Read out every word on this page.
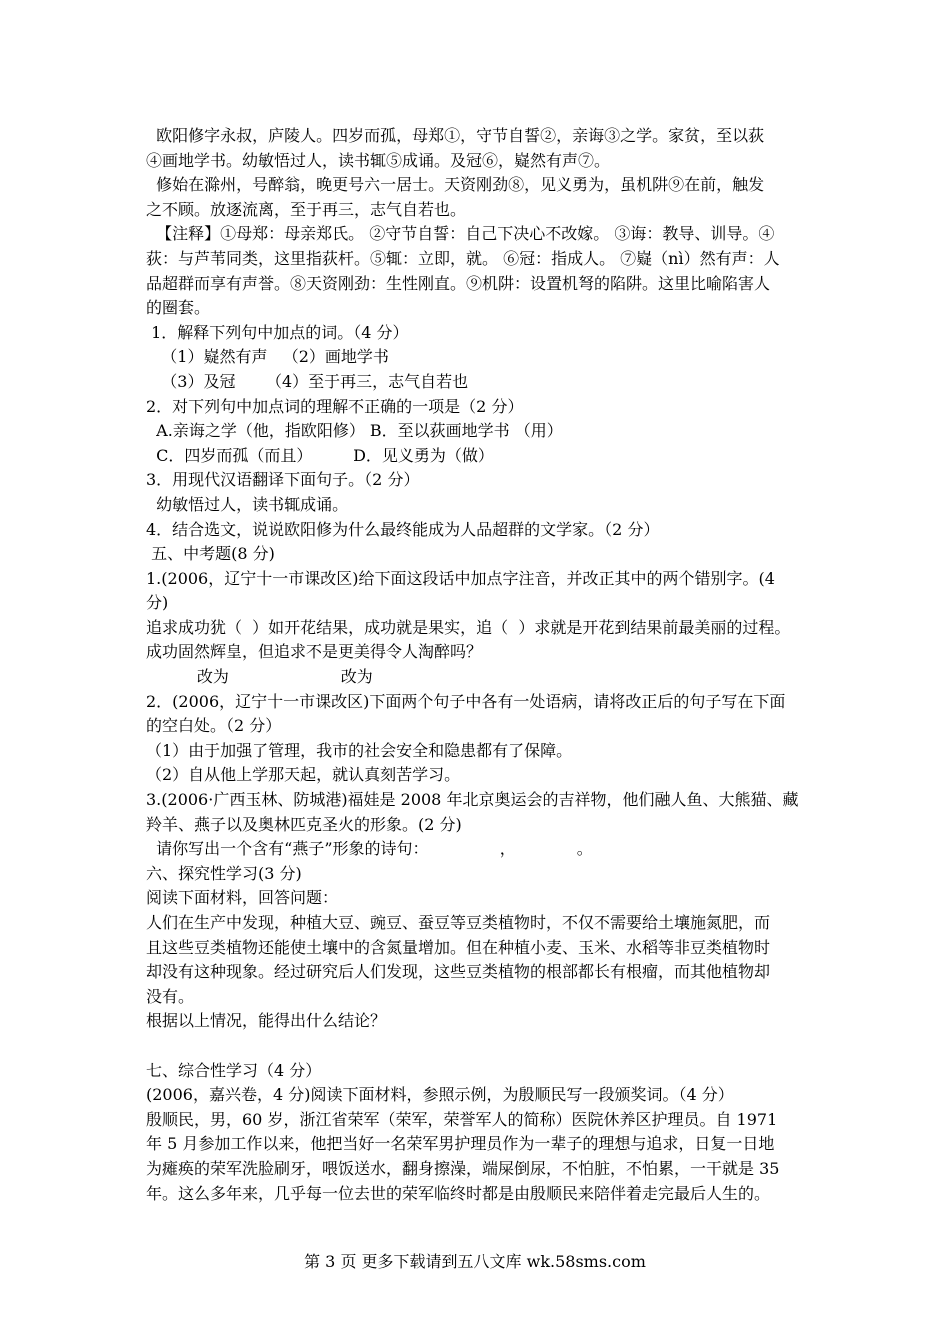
欧阳修字永叔，庐陵人。四岁而孤，母郑①，守节自誓②，亲诲③之学。家贫，至以荻
④画地学书。幼敏悟过人，读书辄⑤成诵。及冠⑥，嶷然有声⑦。
修始在滁州，号醉翁，晚更号六一居士。天资刚劲⑧，见义勇为，虽机阱⑨在前，触发
之不顾。放逐流离，至于再三，志气自若也。
【注释】①母郑：母亲郑氏。 ②守节自誓：自己下决心不改嫁。 ③诲：教导、训导。④
荻：与芦苇同类，这里指荻杆。⑤辄：立即，就。 ⑥冠：指成人。 ⑦嶷（nì）然有声：人
品超群而享有声誉。⑧天资刚劲：生性刚直。⑨机阱：设置机弩的陷阱。这里比喻陷害人
的圈套。
1．解释下列句中加点的词。（4 分）
（1）嶷然有声   （2）画地学书
（3）及冠      （4）至于再三，志气自若也
2．对下列句中加点词的理解不正确的一项是（2 分）
A.亲诲之学（他，指欧阳修） B．至以荻画地学书 （用）
C．四岁而孤（而且）        D．见义勇为（做）
3．用现代汉语翻译下面句子。（2 分）
幼敏悟过人，读书辄成诵。
4．结合选文，说说欧阳修为什么最终能成为人品超群的文学家。（2 分）
五、中考题(8 分)
1.(2006，辽宁十一市课改区)给下面这段话中加点字注音，并改正其中的两个错别字。(4
分)
追求成功犹（  ）如开花结果，成功就是果实，追（  ）求就是开花到结果前最美丽的过程。
成功固然辉皇，但追求不是更美得令人淘醉吗？
改为                      改为
2．(2006，辽宁十一市课改区)下面两个句子中各有一处语病，请将改正后的句子写在下面
的空白处。（2 分）
（1）由于加强了管理，我市的社会安全和隐患都有了保障。
（2）自从他上学那天起，就认真刻苦学习。
3.(2006·广西玉林、防城港)福娃是 2008 年北京奥运会的吉祥物，他们融人鱼、大熊猫、藏
羚羊、燕子以及奥林匹克圣火的形象。(2 分)
请你写出一个含有“燕子”形象的诗句：              ，            。
六、探究性学习(3 分)
阅读下面材料，回答问题：
人们在生产中发现，种植大豆、豌豆、蚕豆等豆类植物时，不仅不需要给土壤施氮肥，而
且这些豆类植物还能使土壤中的含氮量增加。但在种植小麦、玉米、水稻等非豆类植物时
却没有这种现象。经过研究后人们发现，这些豆类植物的根部都长有根瘤，而其他植物却
没有。
根据以上情况，能得出什么结论？
七、综合性学习（4 分）
(2006，嘉兴卷，4 分)阅读下面材料，参照示例，为殷顺民写一段颁奖词。（4 分）
殷顺民，男，60 岁，浙江省荣军（荣军，荣誉军人的简称）医院休养区护理员。自 1971
年 5 月参加工作以来，他把当好一名荣军男护理员作为一辈子的理想与追求，日复一日地
为瘫痪的荣军洗脸刷牙，喂饭送水，翻身擦澡，端屎倒尿，不怕脏，不怕累，一干就是 35
年。这么多年来，几乎每一位去世的荣军临终时都是由殷顺民来陪伴着走完最后人生的。
第 3 页 更多下载请到五八文库 wk.58sms.com
